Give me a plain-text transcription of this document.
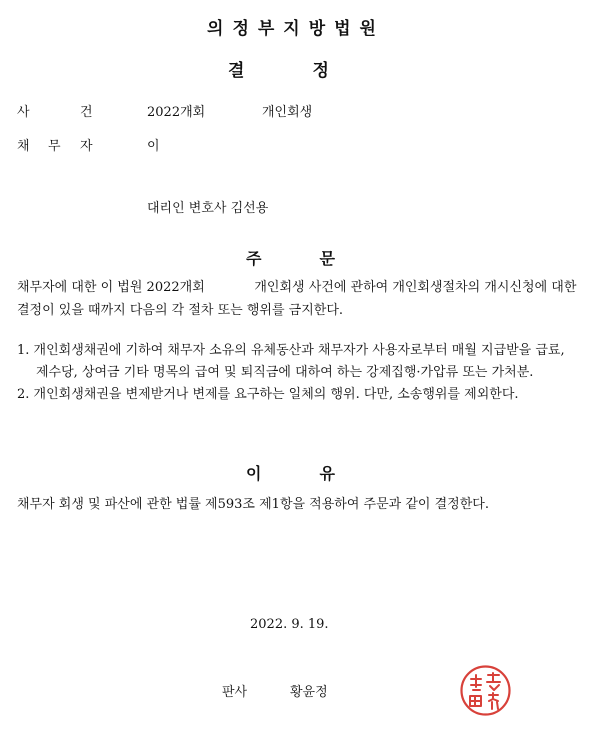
의정부지방법원
결	정
사	건	2022개회	개인회생
채 무 자	이
대리인 변호사 김선용
주	문
채무자에 대한 이 법원 2022개회            개인회생 사건에 관하여 개인회생절차의 개시신청에 대한 결정이 있을 때까지 다음의 각 절차 또는 행위를 금지한다.
1. 개인회생채권에 기하여 채무자 소유의 유체동산과 채무자가 사용자로부터 매월 지급받을 급료, 제수당, 상여금 기타 명목의 급여 및 퇴직금에 대하여 하는 강제집행·가압류 또는 가처분.
2. 개인회생채권을 변제받거나 변제를 요구하는 일체의 행위. 다만, 소송행위를 제외한다.
이	유
채무자 회생 및 파산에 관한 법률 제593조 제1항을 적용하여 주문과 같이 결정한다.
2022. 9. 19.
판사	황윤정
